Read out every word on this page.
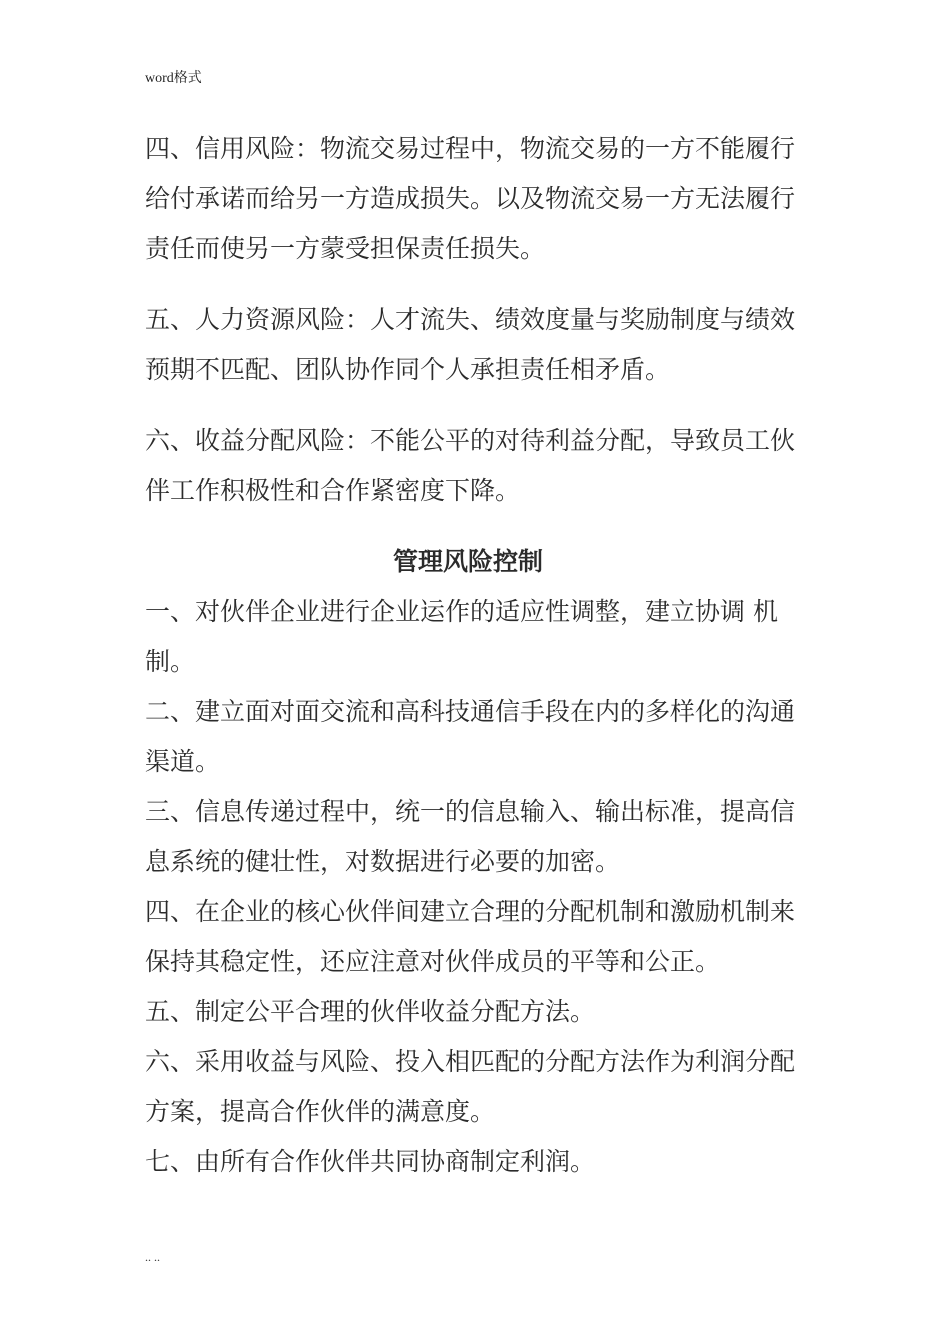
word格式

四、信用风险：物流交易过程中，物流交易的一方不能履行给付承诺而给另一方造成损失。以及物流交易一方无法履行责任而使另一方蒙受担保责任损失。

五、人力资源风险：人才流失、绩效度量与奖励制度与绩效预期不匹配、团队协作同个人承担责任相矛盾。

六、收益分配风险：不能公平的对待利益分配，导致员工伙伴工作积极性和合作紧密度下降。

管理风险控制

一、对伙伴企业进行企业运作的适应性调整，建立协调 机制。

二、建立面对面交流和高科技通信手段在内的多样化的沟通渠道。

三、信息传递过程中，统一的信息输入、输出标准，提高信息系统的健壮性，对数据进行必要的加密。

四、在企业的核心伙伴间建立合理的分配机制和激励机制来保持其稳定性，还应注意对伙伴成员的平等和公正。

五、制定公平合理的伙伴收益分配方法。

六、采用收益与风险、投入相匹配的分配方法作为利润分配方案，提高合作伙伴的满意度。

七、由所有合作伙伴共同协商制定利润。

.. ..
